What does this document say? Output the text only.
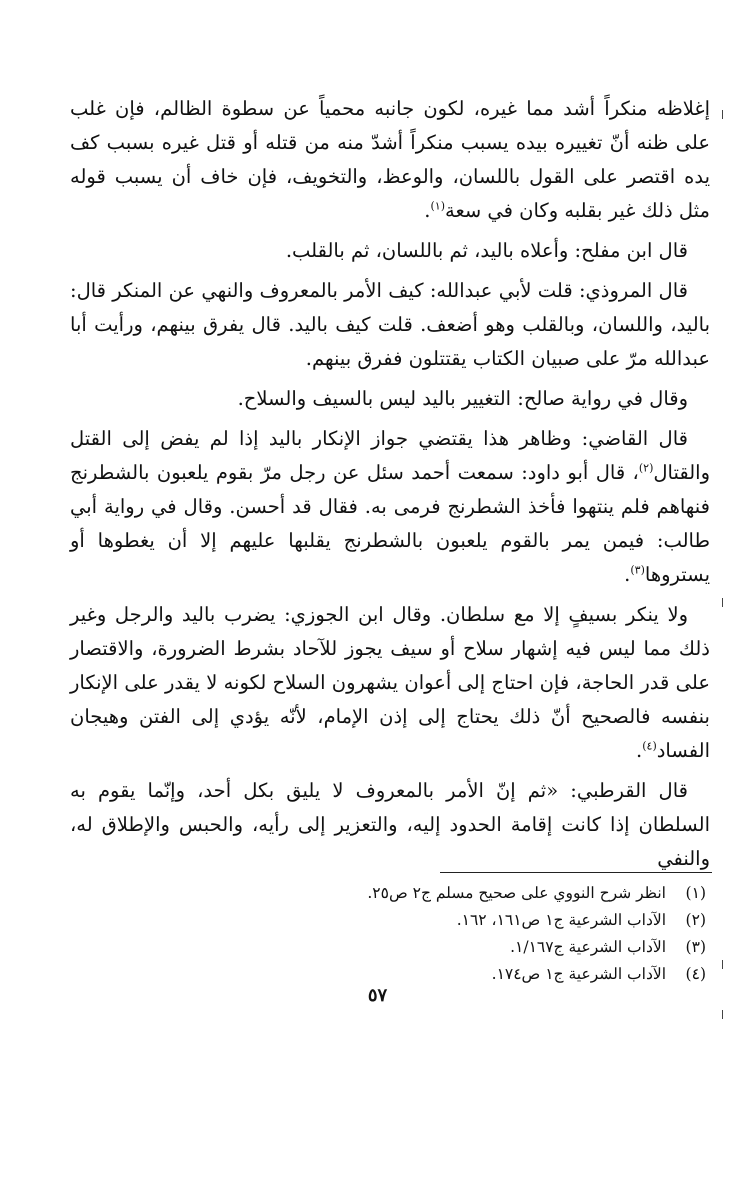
إغلاظه منكراً أشد مما غيره، لكون جانبه محمياً عن سطوة الظالم، فإن غلب على ظنه أنّ تغييره بيده يسبب منكراً أشدّ منه من قتله أو قتل غيره بسبب كف يده اقتصر على القول باللسان، والوعظ، والتخويف، فإن خاف أن يسبب قوله مثل ذلك غير بقلبه وكان في سعة$^{(١)}$.

قال ابن مفلح: وأعلاه باليد، ثم باللسان، ثم بالقلب.

قال المروذي: قلت لأبي عبدالله: كيف الأمر بالمعروف والنهي عن المنكر قال: باليد، واللسان، وبالقلب وهو أضعف. قلت كيف باليد. قال يفرق بينهم، ورأيت أبا عبدالله مرّ على صبيان الكتاب يقتتلون ففرق بينهم.

وقال في رواية صالح: التغيير باليد ليس بالسيف والسلاح.

قال القاضي: وظاهر هذا يقتضي جواز الإنكار باليد إذا لم يفض إلى القتل والقتال$^{(٢)}$، قال أبو داود: سمعت أحمد سئل عن رجل مرّ بقوم يلعبون بالشطرنج فنهاهم فلم ينتهوا فأخذ الشطرنج فرمى به. فقال قد أحسن. وقال في رواية أبي طالب: فيمن يمر بالقوم يلعبون بالشطرنج يقلبها عليهم إلا أن يغطوها أو يستروها$^{(٣)}$.

ولا ينكر بسيفٍ إلا مع سلطان. وقال ابن الجوزي: يضرب باليد والرجل وغير ذلك مما ليس فيه إشهار سلاح أو سيف يجوز للآحاد بشرط الضرورة، والاقتصار على قدر الحاجة، فإن احتاج إلى أعوان يشهرون السلاح لكونه لا يقدر على الإنكار بنفسه فالصحيح أنّ ذلك يحتاج إلى إذن الإمام، لأنّه يؤدي إلى الفتن وهيجان الفساد$^{(٤)}$.

قال القرطبي: «ثم إنّ الأمر بالمعروف لا يليق بكل أحد، وإنّما يقوم به السلطان إذا كانت إقامة الحدود إليه، والتعزير إلى رأيه، والحبس والإطلاق له، والنفي

(١)انظر شرح النووي على صحيح مسلم ج٢ ص٢٥.
(٢)الآداب الشرعية ج١ ص١٦١، ١٦٢.
(٣)الآداب الشرعية ج١/١٦٧.
(٤)الآداب الشرعية ج١ ص١٧٤.
٥٧
